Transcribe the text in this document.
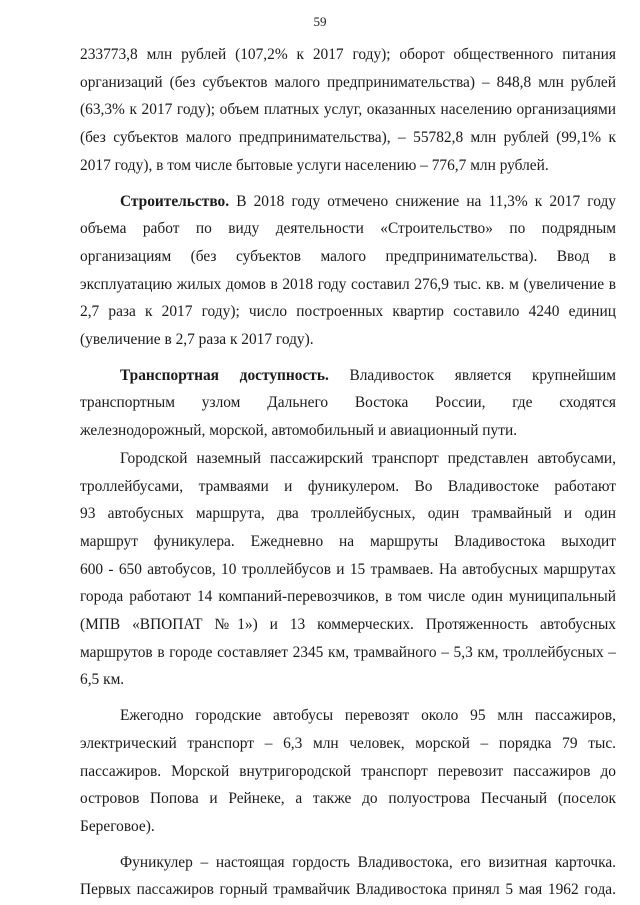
59

233773,8 млн рублей (107,2% к 2017 году); оборот общественного питания

организаций (без субъектов малого предпринимательства) – 848,8 млн рублей

(63,3% к 2017 году); объем платных услуг, оказанных населению организациями

(без субъектов малого предпринимательства), – 55782,8 млн рублей (99,1% к

2017 году), в том числе бытовые услуги населению – 776,7 млн рублей.

Строительство. В 2018 году отмечено снижение на 11,3% к 2017 году

объема работ по виду деятельности «Строительство» по подрядным

организациям (без субъектов малого предпринимательства). Ввод в

эксплуатацию жилых домов в 2018 году составил 276,9 тыс. кв. м (увеличение в

2,7 раза к 2017 году); число построенных квартир составило 4240 единиц

(увеличение в 2,7 раза к 2017 году).

Транспортная доступность. Владивосток является крупнейшим

транспортным узлом Дальнего Востока России, где сходятся

железнодорожный, морской, автомобильный и авиационный пути.

Городской наземный пассажирский транспорт представлен автобусами,

троллейбусами, трамваями и фуникулером. Во Владивостоке работают

93 автобусных маршрута, два троллейбусных, один трамвайный и один

маршрут фуникулера. Ежедневно на маршруты Владивостока выходит

600 - 650 автобусов, 10 троллейбусов и 15 трамваев. На автобусных маршрутах

города работают 14 компаний-перевозчиков, в том числе один муниципальный

(МПВ «ВПОПАТ №1») и 13 коммерческих. Протяженность автобусных

маршрутов в городе составляет 2345 км, трамвайного – 5,3 км, троллейбусных –

6,5 км.

Ежегодно городские автобусы перевозят около 95 млн пассажиров,

электрический транспорт – 6,3 млн человек, морской – порядка 79 тыс.

пассажиров. Морской внутригородской транспорт перевозит пассажиров до

островов Попова и Рейнеке, а также до полуострова Песчаный (поселок

Береговое).

Фуникулер – настоящая гордость Владивостока, его визитная карточка.

Первых пассажиров горный трамвайчик Владивостока принял 5 мая 1962 года.
